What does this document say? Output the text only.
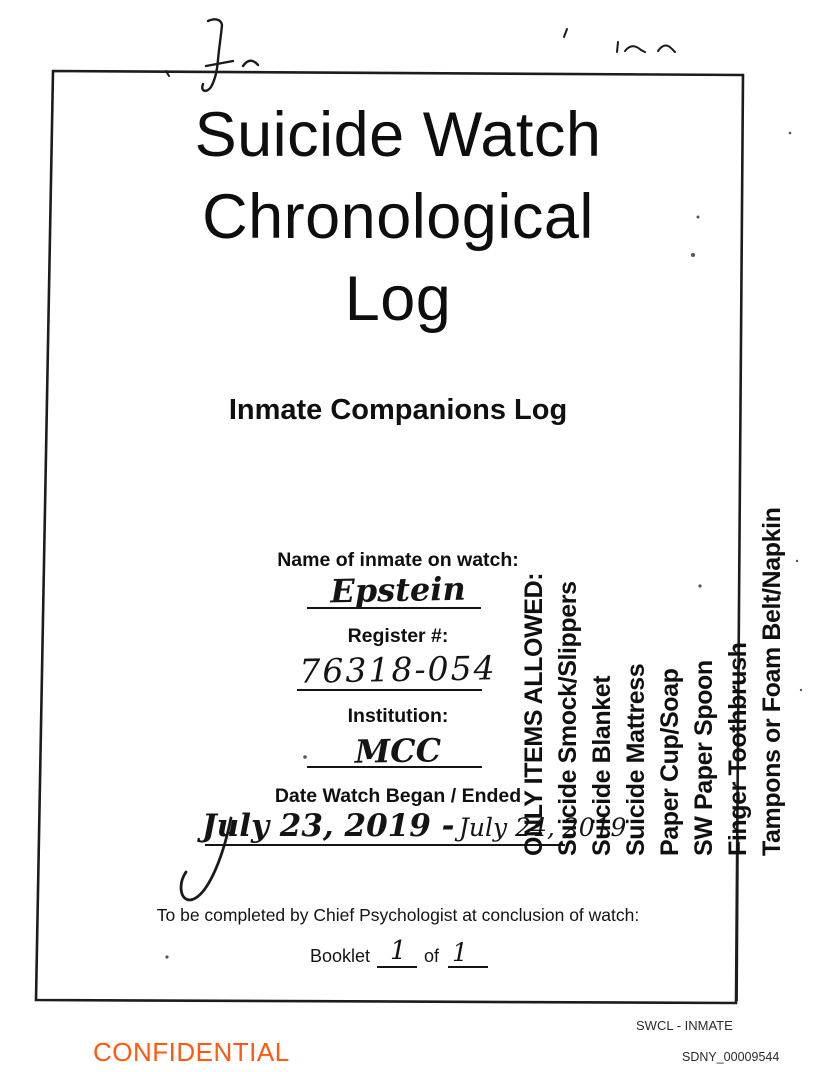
Suicide Watch
Chronological
Log
Inmate Companions Log
Name of inmate on watch:
Epstein
Register #:
76318-054
Institution:
MCC
Date Watch Began / Ended
July 23, 2019 - July 24, 2019
ONLY ITEMS ALLOWED: Suicide Smock/Slippers Suicide Blanket Suicide Mattress Paper Cup/Soap SW Paper Spoon Finger Toothbrush Tampons or Foam Belt/Napkin
To be completed by Chief Psychologist at conclusion of watch:
Booklet 1 of 1
SWCL - INMATE
CONFIDENTIAL	SDNY_00009544
